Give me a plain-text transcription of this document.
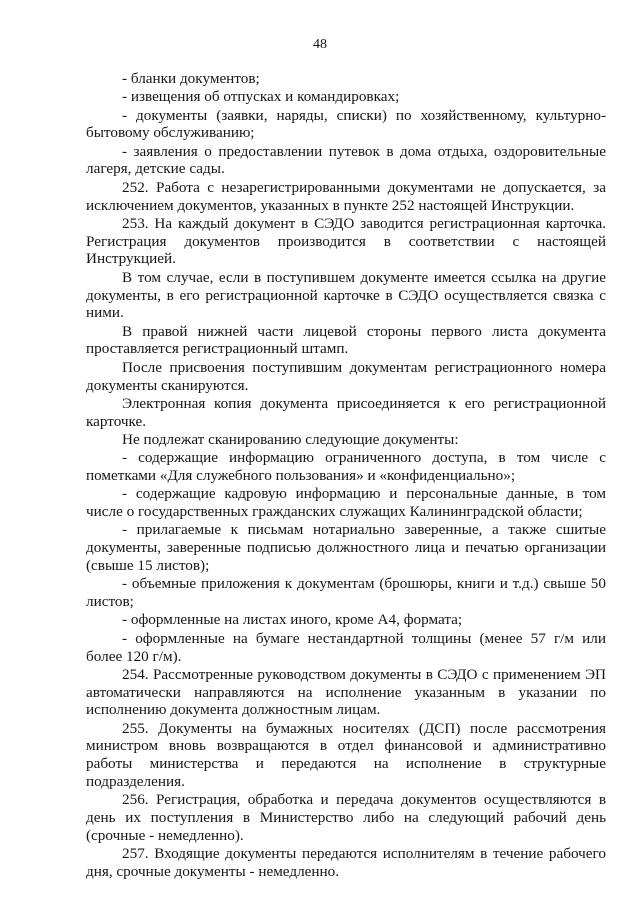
48

- бланки документов;

- извещения об отпусках и командировках;

- документы (заявки, наряды, списки) по хозяйственному, культурно-бытовому обслуживанию;

- заявления о предоставлении путевок в дома отдыха, оздоровительные лагеря, детские сады.

252. Работа с незарегистрированными документами не допускается, за исключением документов, указанных в пункте 252 настоящей Инструкции.

253. На каждый документ в СЭДО заводится регистрационная карточка. Регистрация документов производится в соответствии с настоящей Инструкцией.

В том случае, если в поступившем документе имеется ссылка на другие документы, в его регистрационной карточке в СЭДО осуществляется связка с ними.

В правой нижней части лицевой стороны первого листа документа проставляется регистрационный штамп.

После присвоения поступившим документам регистрационного номера документы сканируются.

Электронная копия документа присоединяется к его регистрационной карточке.

Не подлежат сканированию следующие документы:

- содержащие информацию ограниченного доступа, в том числе с пометками «Для служебного пользования» и «конфиденциально»;

- содержащие кадровую информацию и персональные данные, в том числе о государственных гражданских служащих Калининградской области;

- прилагаемые к письмам нотариально заверенные, а также сшитые документы, заверенные подписью должностного лица и печатью организации (свыше 15 листов);

- объемные приложения к документам (брошюры, книги и т.д.) свыше 50 листов;

- оформленные на листах иного, кроме А4, формата;

- оформленные на бумаге нестандартной толщины (менее 57 г/м или более 120 г/м).

254. Рассмотренные руководством документы в СЭДО с применением ЭП автоматически направляются на исполнение указанным в указании по исполнению документа должностным лицам.

255. Документы на бумажных носителях (ДСП) после рассмотрения министром вновь возвращаются в отдел финансовой и административно работы министерства и передаются на исполнение в структурные подразделения.

256. Регистрация, обработка и передача документов осуществляются в день их поступления в Министерство либо на следующий рабочий день (срочные - немедленно).

257. Входящие документы передаются исполнителям в течение рабочего дня, срочные документы - немедленно.
